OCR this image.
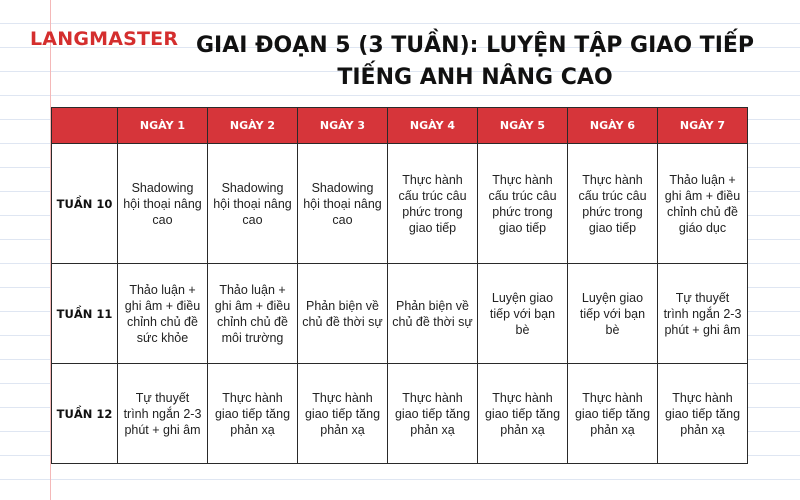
LANGMASTER GIAI ĐOẠN 5 (3 TUẦN): LUYỆN TẬP GIAO TIẾP
TIẾNG ANH NÂNG CAO
	NGÀY 1	NGÀY 2	NGÀY 3	NGÀY 4	NGÀY 5	NGÀY 6	NGÀY 7
TUẦN 10	Shadowing hội thoại nâng cao	Shadowing hội thoại nâng cao	Shadowing hội thoại nâng cao	Thực hành cấu trúc câu phức trong giao tiếp	Thực hành cấu trúc câu phức trong giao tiếp	Thực hành cấu trúc câu phức trong giao tiếp	Thảo luận + ghi âm + điều chỉnh chủ đề giáo dục
TUẦN 11	Thảo luận + ghi âm + điều chỉnh chủ đề sức khỏe	Thảo luận + ghi âm + điều chỉnh chủ đề môi trường	Phản biện về chủ đề thời sự	Phản biện về chủ đề thời sự	Luyện giao tiếp với bạn bè	Luyện giao tiếp với bạn bè	Tự thuyết trình ngắn 2-3 phút + ghi âm
TUẦN 12	Tự thuyết trình ngắn 2-3 phút + ghi âm	Thực hành giao tiếp tăng phản xạ	Thực hành giao tiếp tăng phản xạ	Thực hành giao tiếp tăng phản xạ	Thực hành giao tiếp tăng phản xạ	Thực hành giao tiếp tăng phản xạ	Thực hành giao tiếp tăng phản xạ
